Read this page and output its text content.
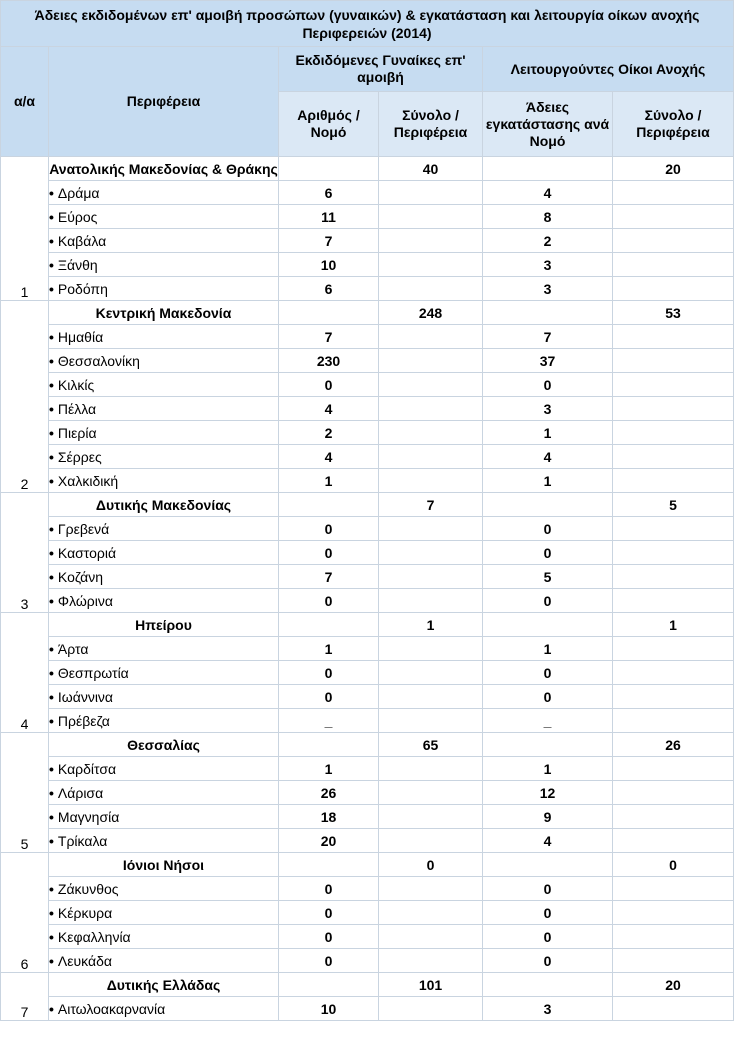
Άδειες εκδιδομένων επ' αμοιβή προσώπων (γυναικών) & εγκατάσταση και λειτουργία οίκων ανοχής Περιφερειών (2014)					
α/α	Περιφέρεια	Εκδιδόμενες Γυναίκες επ' αμοιβή		Λειτουργούντες Οίκοι Ανοχής	
		Αριθμός / Νομό	Σύνολο / Περιφέρεια	Άδειες εγκατάστασης ανά Νομό	Σύνολο / Περιφέρεια
1	Ανατολικής Μακεδονίας & Θράκης		40		20
	• Δράμα	6		4	
	• Εύρος	11		8	
	• Καβάλα	7		2	
	• Ξάνθη	10		3	
	• Ροδόπη	6		3	
2	Κεντρική Μακεδονία		248		53
	• Ημαθία	7		7	
	• Θεσσαλονίκη	230		37	
	• Κιλκίς	0		0	
	• Πέλλα	4		3	
	• Πιερία	2		1	
	• Σέρρες	4		4	
	• Χαλκιδική	1		1	
3	Δυτικής Μακεδονίας		7		5
	• Γρεβενά	0		0	
	• Καστοριά	0		0	
	• Κοζάνη	7		5	
	• Φλώρινα	0		0	
4	Ηπείρου		1		1
	• Άρτα	1		1	
	• Θεσπρωτία	0		0	
	• Ιωάννινα	0		0	
	• Πρέβεζα	_		_	
5	Θεσσαλίας		65		26
	• Καρδίτσα	1		1	
	• Λάρισα	26		12	
	• Μαγνησία	18		9	
	• Τρίκαλα	20		4	
6	Ιόνιοι Νήσοι		0		0
	• Ζάκυνθος	0		0	
	• Κέρκυρα	0		0	
	• Κεφαλληνία	0		0	
	• Λευκάδα	0		0	
7	Δυτικής Ελλάδας		101		20
	• Αιτωλοακαρνανία	10		3	
